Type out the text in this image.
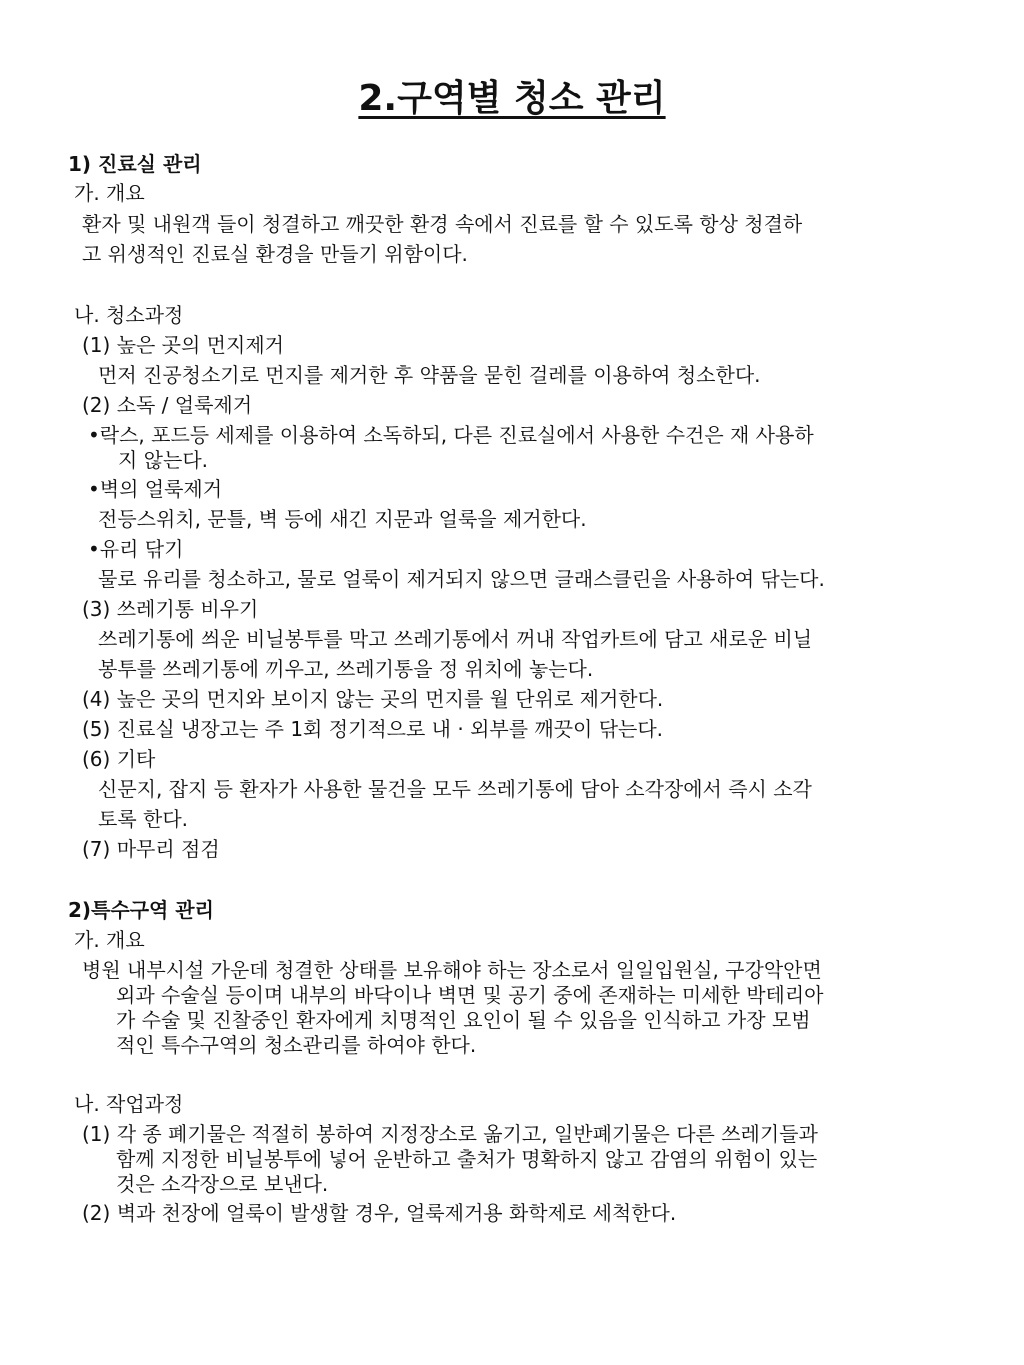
2.구역별 청소 관리
1) 진료실 관리
가. 개요
환자 및 내원객 들이 청결하고 깨끗한 환경 속에서 진료를 할 수 있도록 항상 청결하
고 위생적인 진료실 환경을 만들기 위함이다.
나. 청소과정
(1) 높은 곳의 먼지제거
먼저 진공청소기로 먼지를 제거한 후 약품을 묻힌 걸레를 이용하여 청소한다.
(2) 소독 / 얼룩제거
•락스, 포드등 세제를 이용하여 소독하되, 다른 진료실에서 사용한 수건은 재 사용하
지 않는다.
•벽의 얼룩제거
전등스위치, 문틀, 벽 등에 새긴 지문과 얼룩을 제거한다.
•유리 닦기
물로 유리를 청소하고, 물로 얼룩이 제거되지 않으면 글래스클린을 사용하여 닦는다.
(3) 쓰레기통 비우기
쓰레기통에 씌운 비닐봉투를 막고 쓰레기통에서 꺼내 작업카트에 담고 새로운 비닐
봉투를 쓰레기통에 끼우고, 쓰레기통을 정 위치에 놓는다.
(4) 높은 곳의 먼지와 보이지 않는 곳의 먼지를 월 단위로 제거한다.
(5) 진료실 냉장고는 주 1회 정기적으로 내 · 외부를 깨끗이 닦는다.
(6) 기타
신문지, 잡지 등 환자가 사용한 물건을 모두 쓰레기통에 담아 소각장에서 즉시 소각
토록 한다.
(7) 마무리 점검
2)특수구역 관리
가. 개요
병원 내부시설 가운데 청결한 상태를 보유해야 하는 장소로서 일일입원실, 구강악안면
외과 수술실 등이며 내부의 바닥이나 벽면 및 공기 중에 존재하는 미세한 박테리아
가 수술 및 진찰중인 환자에게 치명적인 요인이 될 수 있음을 인식하고 가장 모범
적인 특수구역의 청소관리를 하여야 한다.
나. 작업과정
(1) 각 종 폐기물은 적절히 봉하여 지정장소로 옮기고, 일반폐기물은 다른 쓰레기들과
함께 지정한 비닐봉투에 넣어 운반하고 출처가 명확하지 않고 감염의 위험이 있는
것은 소각장으로 보낸다.
(2) 벽과 천장에 얼룩이 발생할 경우, 얼룩제거용 화학제로 세척한다.
